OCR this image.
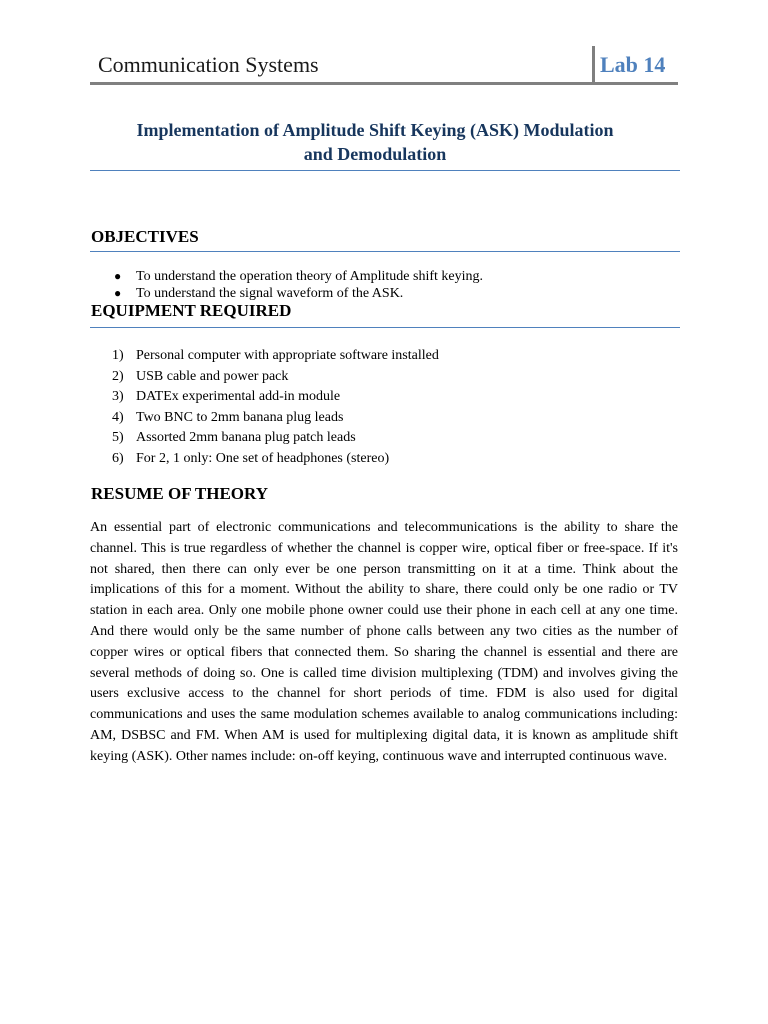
Communication Systems	Lab 14
Implementation of Amplitude Shift Keying (ASK) Modulation
and Demodulation
OBJECTIVES
● To understand the operation theory of Amplitude shift keying.
● To understand the signal waveform of the ASK.
EQUIPMENT REQUIRED
1) Personal computer with appropriate software installed
2) USB cable and power pack
3) DATEx experimental add-in module
4) Two BNC to 2mm banana plug leads
5) Assorted 2mm banana plug patch leads
6) For 2, 1 only: One set of headphones (stereo)
RESUME OF THEORY

An essential part of electronic communications and telecommunications is the ability to share the channel. This is true regardless of whether the channel is copper wire, optical fiber or free-space. If it's not shared, then there can only ever be one person transmitting on it at a time. Think about the implications of this for a moment. Without the ability to share, there could only be one radio or TV station in each area. Only one mobile phone owner could use their phone in each cell at any one time. And there would only be the same number of phone calls between any two cities as the number of copper wires or optical fibers that connected them. So sharing the channel is essential and there are several methods of doing so. One is called time division multiplexing (TDM) and involves giving the users exclusive access to the channel for short periods of time. FDM is also used for digital communications and uses the same modulation schemes available to analog communications including: AM, DSBSC and FM. When AM is used for multiplexing digital data, it is known as amplitude shift keying (ASK). Other names include: on-off keying, continuous wave and interrupted continuous wave.
